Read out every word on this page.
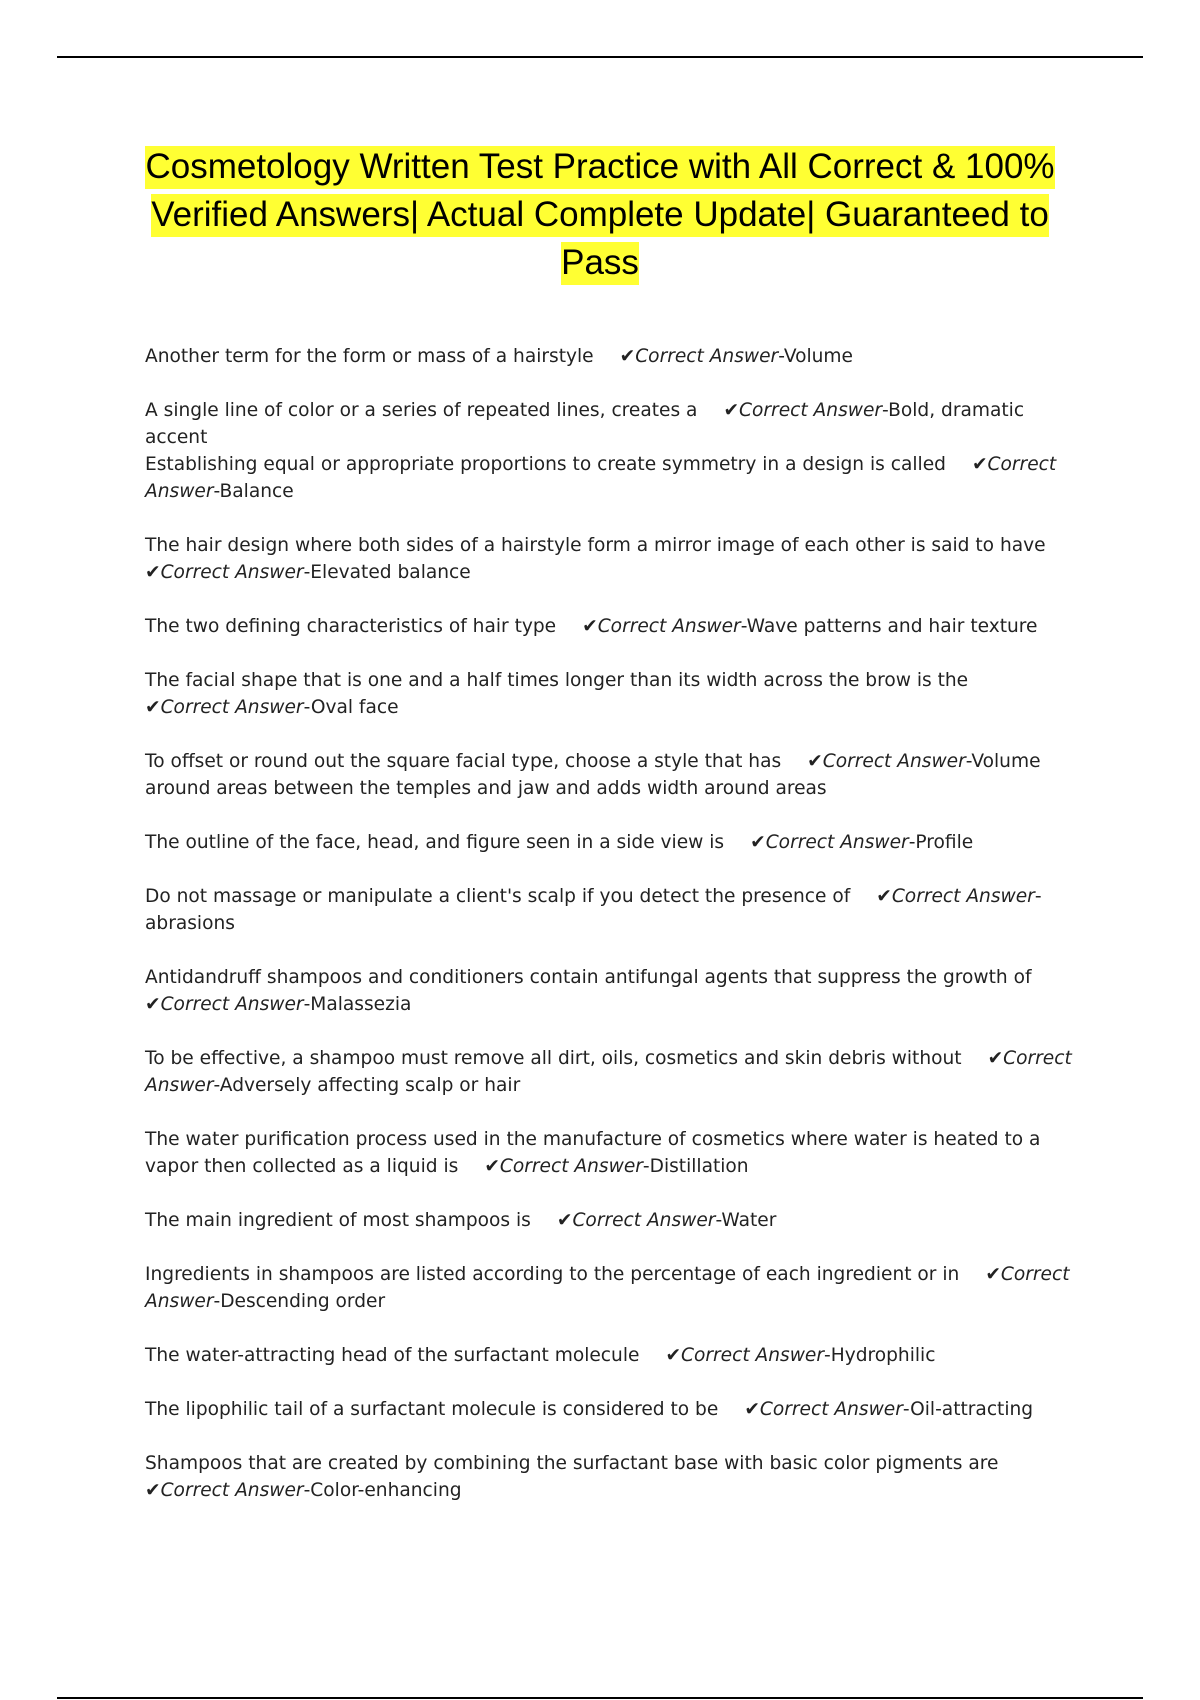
Cosmetology Written Test Practice with All Correct & 100% Verified Answers| Actual Complete Update| Guaranteed to Pass
Another term for the form or mass of a hairstyle ✔Correct Answer-Volume
A single line of color or a series of repeated lines, creates a ✔Correct Answer-Bold, dramatic accent
Establishing equal or appropriate proportions to create symmetry in a design is called ✔Correct Answer-Balance
The hair design where both sides of a hairstyle form a mirror image of each other is said to have✔Correct Answer-Elevated balance
The two defining characteristics of hair type ✔Correct Answer-Wave patterns and hair texture
The facial shape that is one and a half times longer than its width across the brow is the✔Correct Answer-Oval face
To offset or round out the square facial type, choose a style that has ✔Correct Answer-Volume around areas between the temples and jaw and adds width around areas
The outline of the face, head, and figure seen in a side view is ✔Correct Answer-Profile
Do not massage or manipulate a client's scalp if you detect the presence of ✔Correct Answer-abrasions
Antidandruff shampoos and conditioners contain antifungal agents that suppress the growth of✔Correct Answer-Malassezia
To be effective, a shampoo must remove all dirt, oils, cosmetics and skin debris without ✔Correct Answer-Adversely affecting scalp or hair
The water purification process used in the manufacture of cosmetics where water is heated to a vapor then collected as a liquid is ✔Correct Answer-Distillation
The main ingredient of most shampoos is ✔Correct Answer-Water
Ingredients in shampoos are listed according to the percentage of each ingredient or in ✔Correct Answer-Descending order
The water-attracting head of the surfactant molecule ✔Correct Answer-Hydrophilic
The lipophilic tail of a surfactant molecule is considered to be ✔Correct Answer-Oil-attracting
Shampoos that are created by combining the surfactant base with basic color pigments are✔Correct Answer-Color-enhancing
